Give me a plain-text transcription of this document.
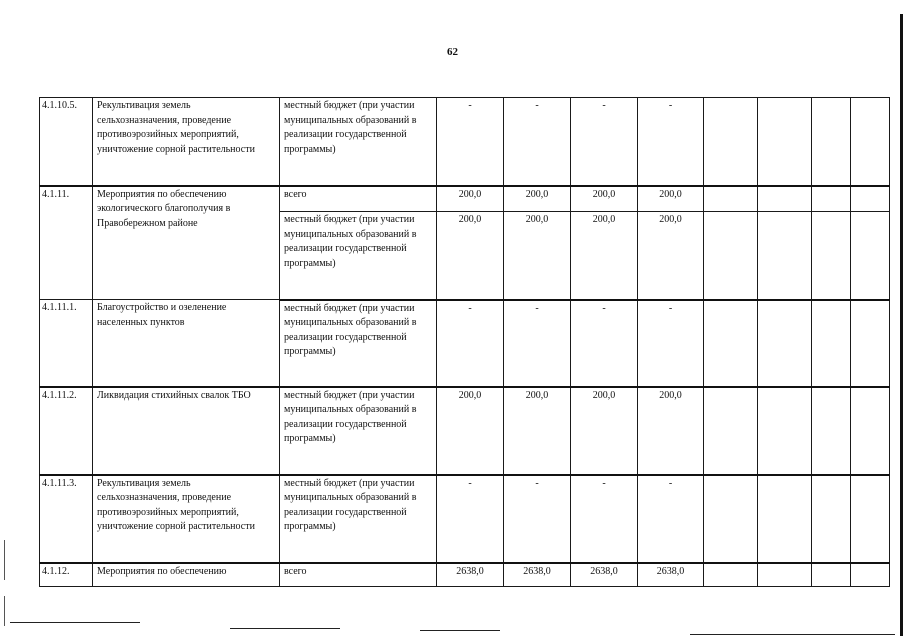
62
4.1.10.5.	Рекультивация земель сельхозназначения, проведение противоэрозийных мероприятий, уничтожение сорной растительности	местный бюджет (при участии муниципальных образований в реализации государственной программы)	-	-	-	-				
4.1.11.	Мероприятия по обеспечению экологического благополучия в Правобережном районе	всего	200,0	200,0	200,0	200,0				
		местный бюджет (при участии муниципальных образований в реализации государственной программы)	200,0	200,0	200,0	200,0				
4.1.11.1.	Благоустройство и озеленение населенных пунктов	местный бюджет (при участии муниципальных образований в реализации государственной программы)	-	-	-	-				
4.1.11.2.	Ликвидация стихийных свалок ТБО	местный бюджет (при участии муниципальных образований в реализации государственной программы)	200,0	200,0	200,0	200,0				
4.1.11.3.	Рекультивация земель сельхозназначения, проведение противоэрозийных мероприятий, уничтожение сорной растительности	местный бюджет (при участии муниципальных образований в реализации государственной программы)	-	-	-	-				
4.1.12.	Мероприятия по обеспечению	всего	2638,0	2638,0	2638,0	2638,0				
